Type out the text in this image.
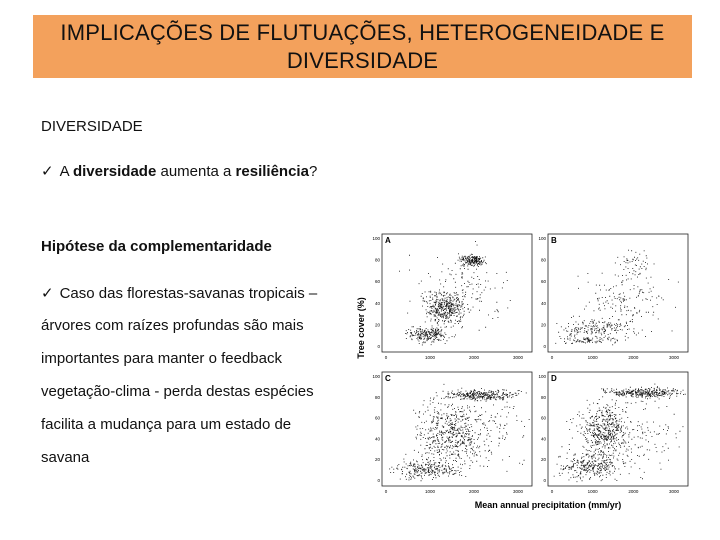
IMPLICAÇÕES DE FLUTUAÇÕES, HETEROGENEIDADE E
DIVERSIDADE
DIVERSIDADE
✓ A diversidade aumenta a resiliência?
Hipótese da complementaridade
✓ Caso das florestas-savanas tropicais –
árvores com raízes profundas são mais
importantes para manter o feedback
vegetação-clima - perda destas espécies
facilita a mudança para um estado de
savana
Tree cover (%)
Mean annual precipitation (mm/yr)
A
100
80
60
40
20
0
0	1000	2000	3000
B
100
80
60
40
20
0
0	1000	2000	3000
C
100
80
60
40
20
0
0	1000	2000	3000
D
100
80
60
40
20
0
0	1000	2000	3000
